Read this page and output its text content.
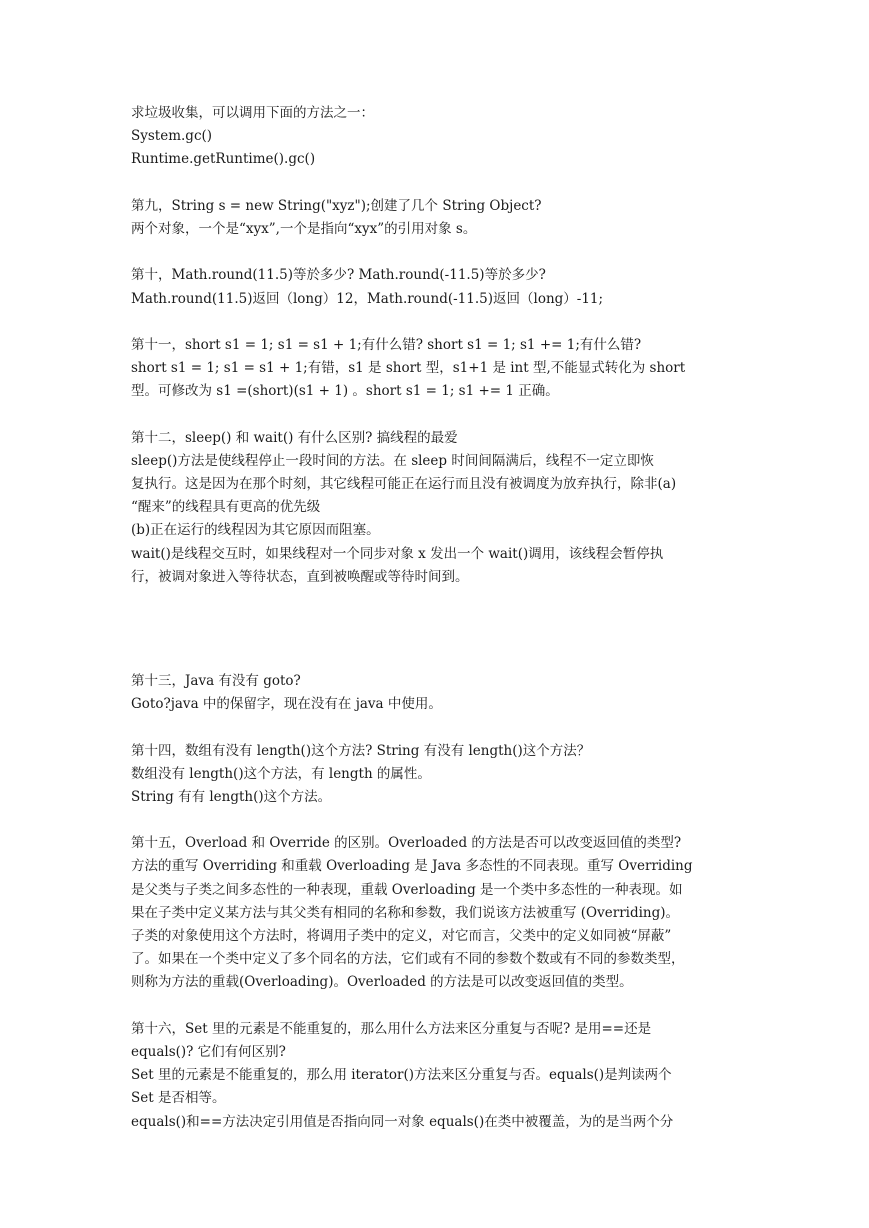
求垃圾收集，可以调用下面的方法之一：
System.gc()
Runtime.getRuntime().gc()
第九，String s = new String("xyz");创建了几个 String Object?
两个对象，一个是“xyx”,一个是指向“xyx”的引用对象 s。
第十，Math.round(11.5)等於多少? Math.round(-11.5)等於多少?
Math.round(11.5)返回（long）12，Math.round(-11.5)返回（long）-11;
第十一，short s1 = 1; s1 = s1 + 1;有什么错? short s1 = 1; s1 += 1;有什么错?
short s1 = 1; s1 = s1 + 1;有错，s1 是 short 型，s1+1 是 int 型,不能显式转化为 short
型。可修改为 s1 =(short)(s1 + 1) 。short s1 = 1; s1 += 1 正确。
第十二，sleep() 和 wait() 有什么区别? 搞线程的最爱
sleep()方法是使线程停止一段时间的方法。在 sleep 时间间隔满后，线程不一定立即恢
复执行。这是因为在那个时刻，其它线程可能正在运行而且没有被调度为放弃执行，除非(a)
“醒来”的线程具有更高的优先级
(b)正在运行的线程因为其它原因而阻塞。
wait()是线程交互时，如果线程对一个同步对象 x 发出一个 wait()调用，该线程会暂停执
行，被调对象进入等待状态，直到被唤醒或等待时间到。
第十三，Java 有没有 goto?
Goto?java 中的保留字，现在没有在 java 中使用。
第十四，数组有没有 length()这个方法? String 有没有 length()这个方法？
数组没有 length()这个方法，有 length 的属性。
String 有有 length()这个方法。
第十五，Overload 和 Override 的区别。Overloaded 的方法是否可以改变返回值的类型?
方法的重写 Overriding 和重载 Overloading 是 Java 多态性的不同表现。重写 Overriding
是父类与子类之间多态性的一种表现，重载 Overloading 是一个类中多态性的一种表现。如
果在子类中定义某方法与其父类有相同的名称和参数，我们说该方法被重写 (Overriding)。
子类的对象使用这个方法时，将调用子类中的定义，对它而言，父类中的定义如同被“屏蔽”
了。如果在一个类中定义了多个同名的方法，它们或有不同的参数个数或有不同的参数类型，
则称为方法的重载(Overloading)。Overloaded 的方法是可以改变返回值的类型。
第十六，Set 里的元素是不能重复的，那么用什么方法来区分重复与否呢? 是用==还是
equals()? 它们有何区别?
Set 里的元素是不能重复的，那么用 iterator()方法来区分重复与否。equals()是判读两个
Set 是否相等。
equals()和==方法决定引用值是否指向同一对象 equals()在类中被覆盖，为的是当两个分
